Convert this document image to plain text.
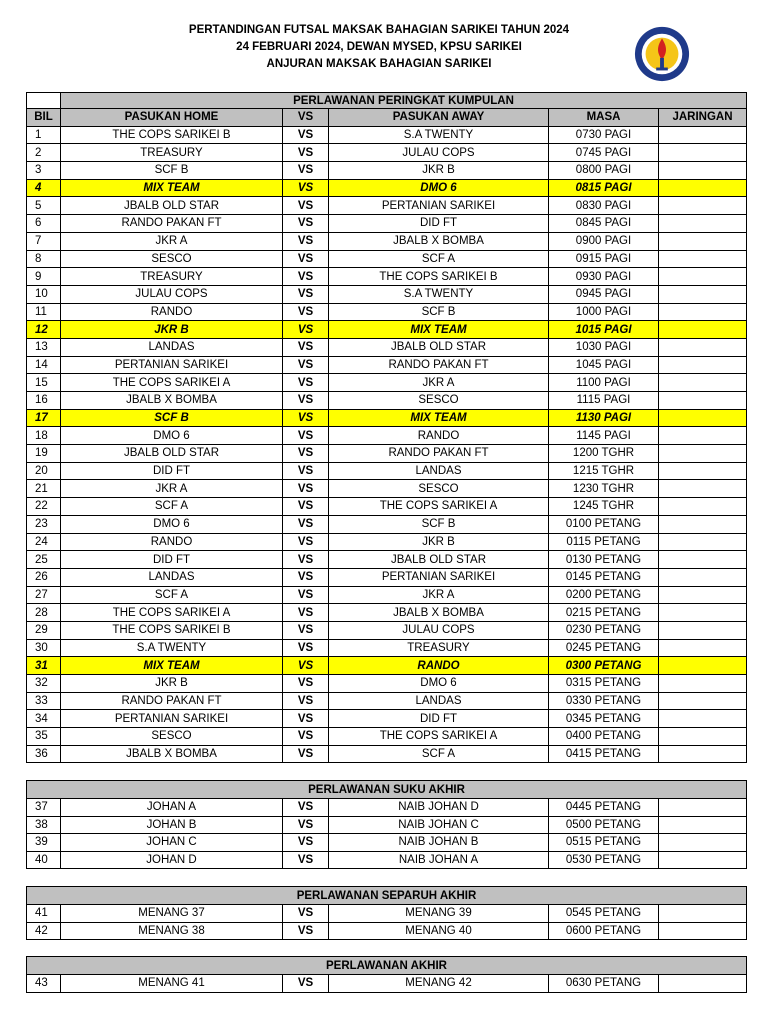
PERTANDINGAN FUTSAL MAKSAK BAHAGIAN SARIKEI TAHUN 2024
24 FEBRUARI 2024, DEWAN MYSED, KPSU SARIKEI
ANJURAN MAKSAK BAHAGIAN SARIKEI
	PERLAWANAN PERINGKAT KUMPULAN				
BIL	PASUKAN HOME	VS	PASUKAN AWAY	MASA	JARINGAN
1	THE COPS SARIKEI B	VS	S.A TWENTY	0730 PAGI	
2	TREASURY	VS	JULAU COPS	0745 PAGI	
3	SCF B	VS	JKR B	0800 PAGI	
4	MIX TEAM	VS	DMO 6	0815 PAGI	
5	JBALB OLD STAR	VS	PERTANIAN SARIKEI	0830 PAGI	
6	RANDO PAKAN FT	VS	DID FT	0845 PAGI	
7	JKR A	VS	JBALB X BOMBA	0900 PAGI	
8	SESCO	VS	SCF A	0915 PAGI	
9	TREASURY	VS	THE COPS SARIKEI B	0930 PAGI	
10	JULAU COPS	VS	S.A TWENTY	0945 PAGI	
11	RANDO	VS	SCF B	1000 PAGI	
12	JKR B	VS	MIX TEAM	1015 PAGI	
13	LANDAS	VS	JBALB OLD STAR	1030 PAGI	
14	PERTANIAN SARIKEI	VS	RANDO PAKAN FT	1045 PAGI	
15	THE COPS SARIKEI A	VS	JKR A	1100 PAGI	
16	JBALB X BOMBA	VS	SESCO	1115 PAGI	
17	SCF B	VS	MIX TEAM	1130 PAGI	
18	DMO 6	VS	RANDO	1145 PAGI	
19	JBALB OLD STAR	VS	RANDO PAKAN FT	1200 TGHR	
20	DID FT	VS	LANDAS	1215 TGHR	
21	JKR A	VS	SESCO	1230 TGHR	
22	SCF A	VS	THE COPS SARIKEI A	1245 TGHR	
23	DMO 6	VS	SCF B	0100 PETANG	
24	RANDO	VS	JKR B	0115 PETANG	
25	DID FT	VS	JBALB OLD STAR	0130 PETANG	
26	LANDAS	VS	PERTANIAN SARIKEI	0145 PETANG	
27	SCF A	VS	JKR A	0200 PETANG	
28	THE COPS SARIKEI A	VS	JBALB X BOMBA	0215 PETANG	
29	THE COPS SARIKEI B	VS	JULAU COPS	0230 PETANG	
30	S.A TWENTY	VS	TREASURY	0245 PETANG	
31	MIX TEAM	VS	RANDO	0300 PETANG	
32	JKR B	VS	DMO 6	0315 PETANG	
33	RANDO PAKAN FT	VS	LANDAS	0330 PETANG	
34	PERTANIAN SARIKEI	VS	DID FT	0345 PETANG	
35	SESCO	VS	THE COPS SARIKEI A	0400 PETANG	
36	JBALB X BOMBA	VS	SCF A	0415 PETANG	
PERLAWANAN SUKU AKHIR					
37	JOHAN A	VS	NAIB JOHAN D	0445 PETANG	
38	JOHAN B	VS	NAIB JOHAN C	0500 PETANG	
39	JOHAN C	VS	NAIB JOHAN B	0515 PETANG	
40	JOHAN D	VS	NAIB JOHAN A	0530 PETANG	
PERLAWANAN SEPARUH AKHIR					
41	MENANG 37	VS	MENANG 39	0545 PETANG	
42	MENANG 38	VS	MENANG 40	0600 PETANG	
PERLAWANAN AKHIR
43	MENANG 41	VS	MENANG 42	0630 PETANG	
